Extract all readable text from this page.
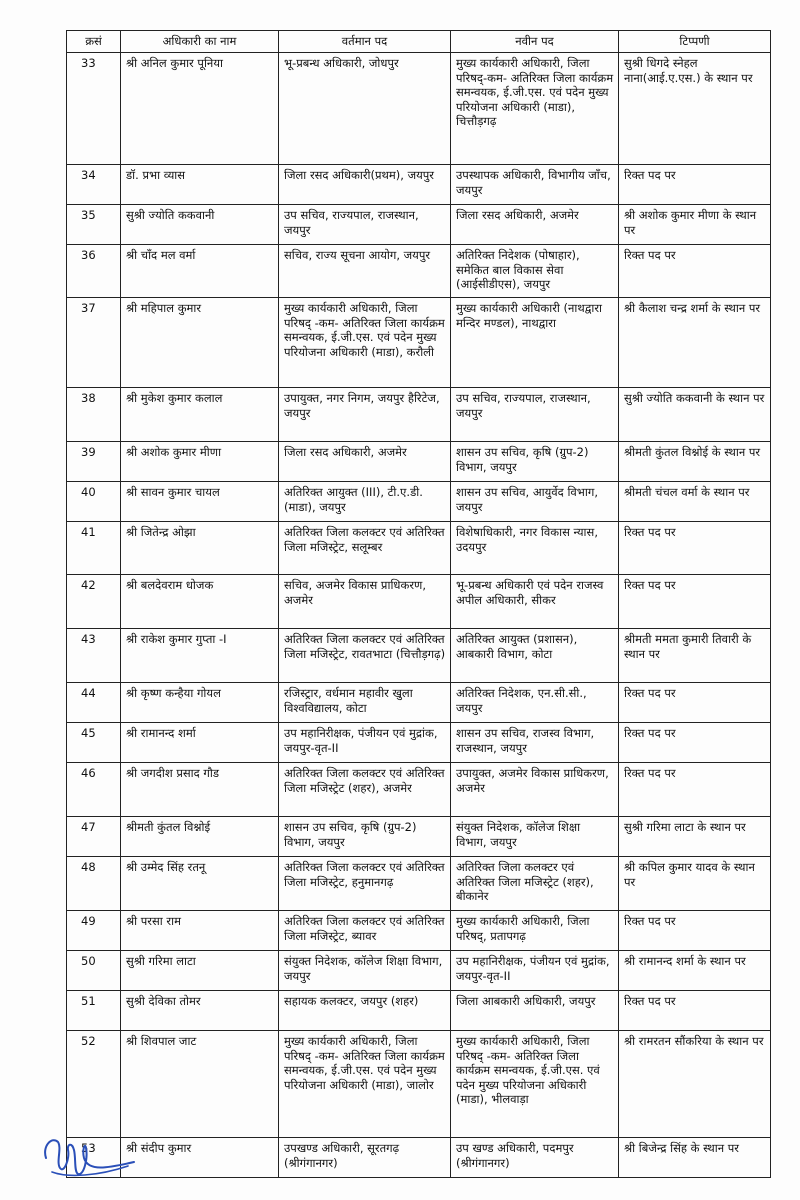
क्रसं	अधिकारी का नाम	वर्तमान पद	नवीन पद	टिप्पणी
33	श्री अनिल कुमार पूनिया	भू-प्रबन्ध अधिकारी, जोधपुर	मुख्य कार्यकारी अधिकारी, जिला परिषद्-कम- अतिरिक्त जिला कार्यक्रम समन्वयक, ई.जी.एस. एवं पदेन मुख्य परियोजना अधिकारी (माडा), चित्तौड़गढ़	सुश्री धिगदे स्नेहल नाना(आई.ए.एस.) के स्थान पर
34	डॉ. प्रभा व्यास	जिला रसद अधिकारी(प्रथम), जयपुर	उपस्थापक अधिकारी, विभागीय जाँच, जयपुर	रिक्त पद पर
35	सुश्री ज्योति ककवानी	उप सचिव, राज्यपाल, राजस्थान, जयपुर	जिला रसद अधिकारी, अजमेर	श्री अशोक कुमार मीणा के स्थान पर
36	श्री चाँद मल वर्मा	सचिव, राज्य सूचना आयोग, जयपुर	अतिरिक्त निदेशक (पोषाहार), समेकित बाल विकास सेवा (आईसीडीएस), जयपुर	रिक्त पद पर
37	श्री महिपाल कुमार	मुख्य कार्यकारी अधिकारी, जिला परिषद् -कम- अतिरिक्त जिला कार्यक्रम समन्वयक, ई.जी.एस. एवं पदेन मुख्य परियोजना अधिकारी (माडा), करौली	मुख्य कार्यकारी अधिकारी (नाथद्वारा मन्दिर मण्डल), नाथद्वारा	श्री कैलाश चन्द्र शर्मा के स्थान पर
38	श्री मुकेश कुमार कलाल	उपायुक्त, नगर निगम, जयपुर हैरिटेज, जयपुर	उप सचिव, राज्यपाल, राजस्थान, जयपुर	सुश्री ज्योति ककवानी के स्थान पर
39	श्री अशोक कुमार मीणा	जिला रसद अधिकारी, अजमेर	शासन उप सचिव, कृषि (ग्रुप-2) विभाग, जयपुर	श्रीमती कुंतल विश्नोई के स्थान पर
40	श्री सावन कुमार चायल	अतिरिक्त आयुक्त (III), टी.ए.डी. (माडा), जयपुर	शासन उप सचिव, आयुर्वेद विभाग, जयपुर	श्रीमती चंचल वर्मा के स्थान पर
41	श्री जितेन्द्र ओझा	अतिरिक्त जिला कलक्टर एवं अतिरिक्त जिला मजिस्ट्रेट, सलूम्बर	विशेषाधिकारी, नगर विकास न्यास, उदयपुर	रिक्त पद पर
42	श्री बलदेवराम धोजक	सचिव, अजमेर विकास प्राधिकरण, अजमेर	भू-प्रबन्ध अधिकारी एवं पदेन राजस्व अपील अधिकारी, सीकर	रिक्त पद पर
43	श्री राकेश कुमार गुप्ता -I	अतिरिक्त जिला कलक्टर एवं अतिरिक्त जिला मजिस्ट्रेट, रावतभाटा (चित्तौड़गढ़)	अतिरिक्त आयुक्त (प्रशासन), आबकारी विभाग, कोटा	श्रीमती ममता कुमारी तिवारी के स्थान पर
44	श्री कृष्ण कन्हैया गोयल	रजिस्ट्रार, वर्धमान महावीर खुला विश्वविद्यालय, कोटा	अतिरिक्त निदेशक, एन.सी.सी., जयपुर	रिक्त पद पर
45	श्री रामानन्द शर्मा	उप महानिरीक्षक, पंजीयन एवं मुद्रांक, जयपुर-वृत-II	शासन उप सचिव, राजस्व विभाग, राजस्थान, जयपुर	रिक्त पद पर
46	श्री जगदीश प्रसाद गौड	अतिरिक्त जिला कलक्टर एवं अतिरिक्त जिला मजिस्ट्रेट (शहर), अजमेर	उपायुक्त, अजमेर विकास प्राधिकरण, अजमेर	रिक्त पद पर
47	श्रीमती कुंतल विश्नोई	शासन उप सचिव, कृषि (ग्रुप-2) विभाग, जयपुर	संयुक्त निदेशक, कॉलेज शिक्षा विभाग, जयपुर	सुश्री गरिमा लाटा के स्थान पर
48	श्री उम्मेद सिंह रतनू	अतिरिक्त जिला कलक्टर एवं अतिरिक्त जिला मजिस्ट्रेट, हनुमानगढ़	अतिरिक्त जिला कलक्टर एवं अतिरिक्त जिला मजिस्ट्रेट (शहर), बीकानेर	श्री कपिल कुमार यादव के स्थान पर
49	श्री परसा राम	अतिरिक्त जिला कलक्टर एवं अतिरिक्त जिला मजिस्ट्रेट, ब्यावर	मुख्य कार्यकारी अधिकारी, जिला परिषद्, प्रतापगढ़	रिक्त पद पर
50	सुश्री गरिमा लाटा	संयुक्त निदेशक, कॉलेज शिक्षा विभाग, जयपुर	उप महानिरीक्षक, पंजीयन एवं मुद्रांक, जयपुर-वृत-II	श्री रामानन्द शर्मा के स्थान पर
51	सुश्री देविका तोमर	सहायक कलक्टर, जयपुर (शहर)	जिला आबकारी अधिकारी, जयपुर	रिक्त पद पर
52	श्री शिवपाल जाट	मुख्य कार्यकारी अधिकारी, जिला परिषद् -कम- अतिरिक्त जिला कार्यक्रम समन्वयक, ई.जी.एस. एवं पदेन मुख्य परियोजना अधिकारी (माडा), जालोर	मुख्य कार्यकारी अधिकारी, जिला परिषद् -कम- अतिरिक्त जिला कार्यक्रम समन्वयक, ई.जी.एस. एवं पदेन मुख्य परियोजना अधिकारी (माडा), भीलवाड़ा	श्री रामरतन सौंकरिया के स्थान पर
53	श्री संदीप कुमार	उपखण्ड अधिकारी, सूरतगढ़ (श्रीगंगानगर)	उप खण्ड अधिकारी, पदमपुर (श्रीगंगानगर)	श्री बिजेन्द्र सिंह के स्थान पर
